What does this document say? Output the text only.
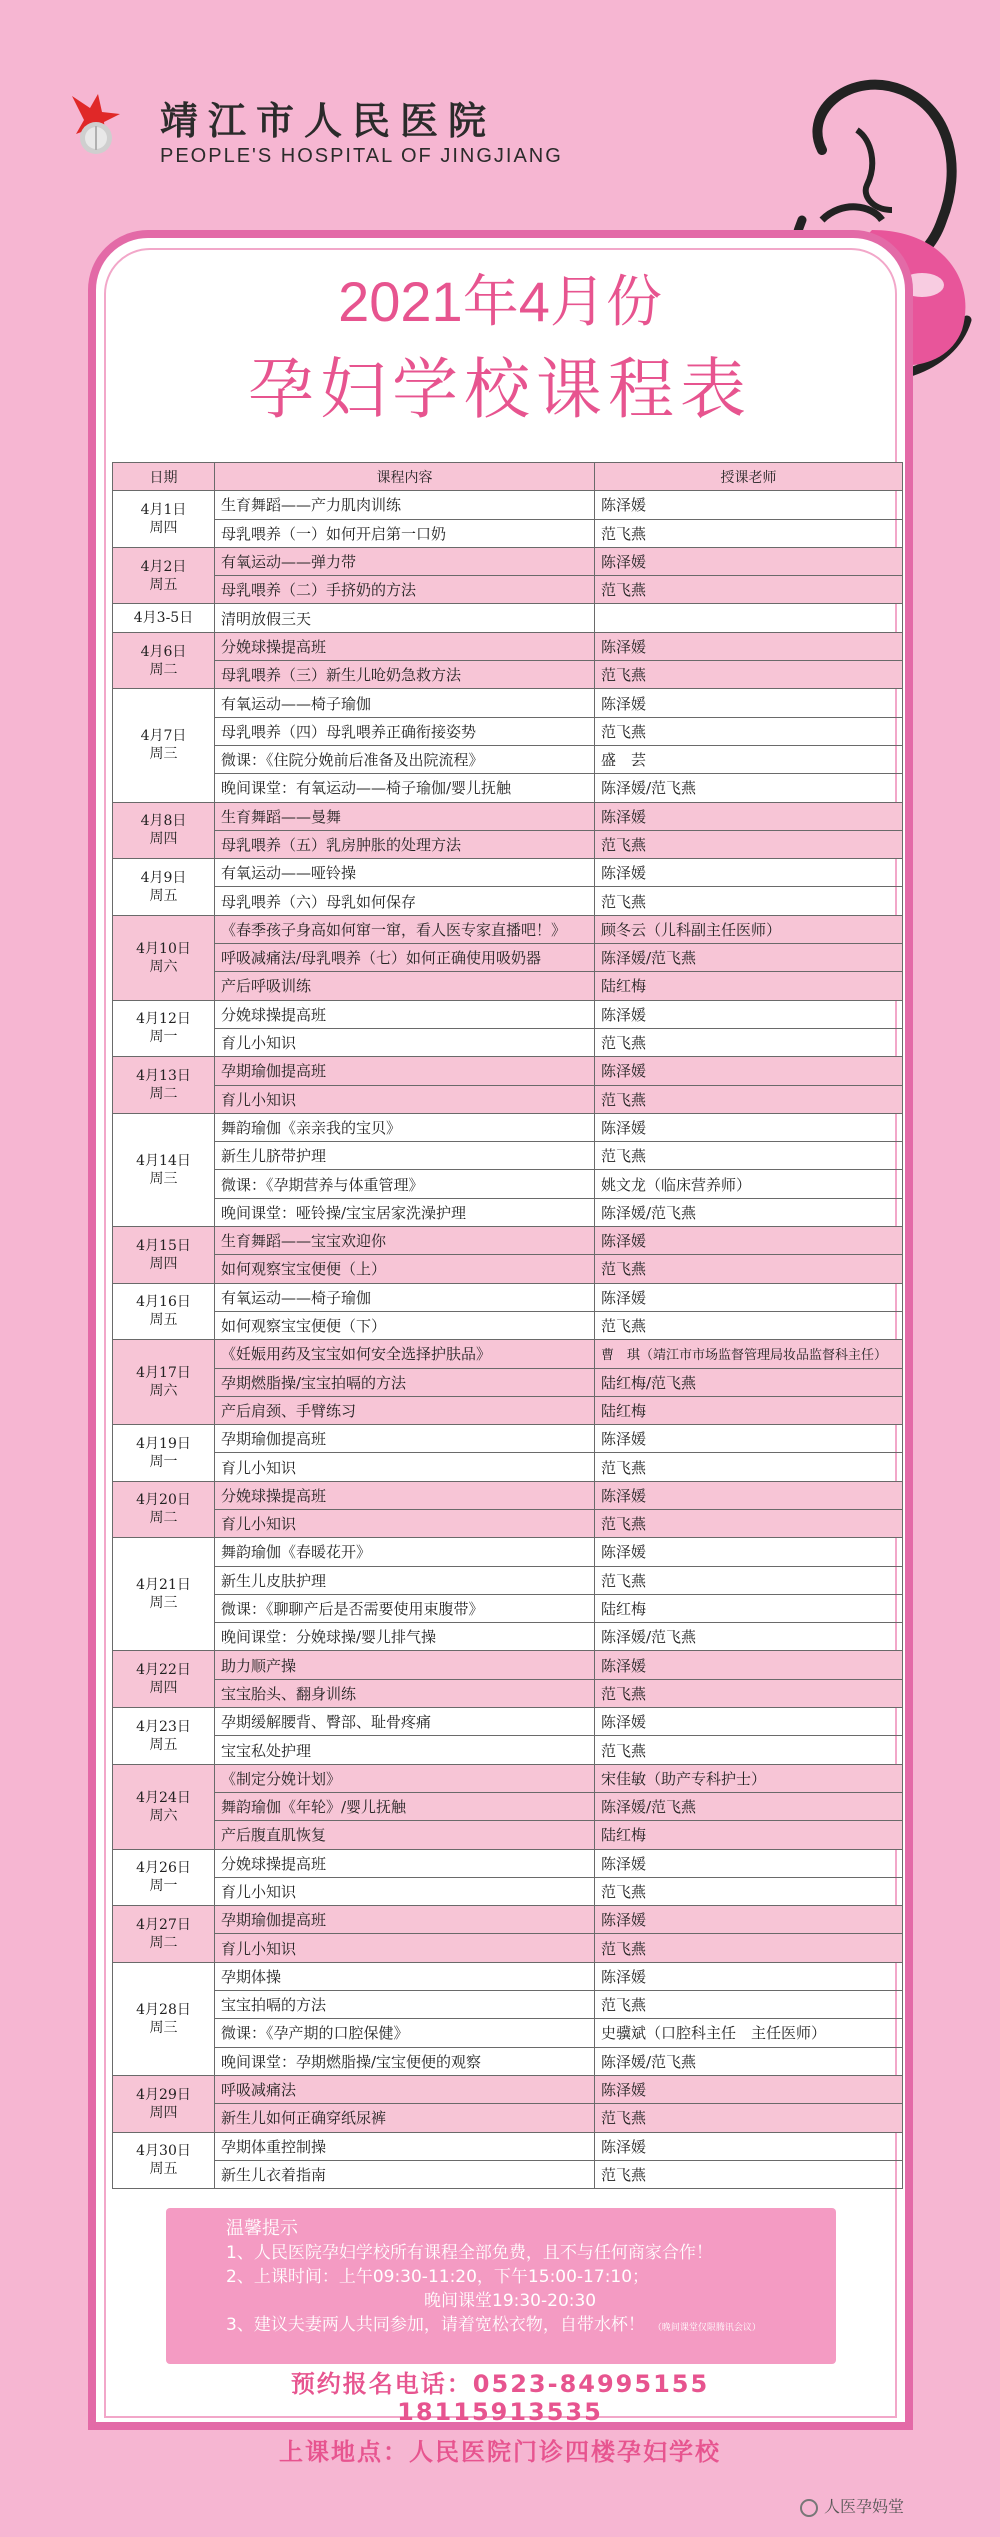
靖江市人民医院
PEOPLE'S HOSPITAL OF JINGJIANG
2021年4月份
孕妇学校课程表
日期	课程内容	授课老师
4月1日
周四	生育舞蹈——产力肌肉训练	陈泽媛
	母乳喂养（一）如何开启第一口奶	范飞燕
4月2日
周五	有氧运动——弹力带	陈泽媛
	母乳喂养（二）手挤奶的方法	范飞燕
4月3-5日	清明放假三天	
4月6日
周二	分娩球操提高班	陈泽媛
	母乳喂养（三）新生儿呛奶急救方法	范飞燕
4月7日
周三	有氧运动——椅子瑜伽	陈泽媛
	母乳喂养（四）母乳喂养正确衔接姿势	范飞燕
	微课：《住院分娩前后准备及出院流程》	盛　芸
	晚间课堂：有氧运动——椅子瑜伽/婴儿抚触	陈泽媛/范飞燕
4月8日
周四	生育舞蹈——曼舞	陈泽媛
	母乳喂养（五）乳房肿胀的处理方法	范飞燕
4月9日
周五	有氧运动——哑铃操	陈泽媛
	母乳喂养（六）母乳如何保存	范飞燕
4月10日
周六	《春季孩子身高如何窜一窜，看人医专家直播吧！》	顾冬云（儿科副主任医师）
	呼吸减痛法/母乳喂养（七）如何正确使用吸奶器	陈泽媛/范飞燕
	产后呼吸训练	陆红梅
4月12日
周一	分娩球操提高班	陈泽媛
	育儿小知识	范飞燕
4月13日
周二	孕期瑜伽提高班	陈泽媛
	育儿小知识	范飞燕
4月14日
周三	舞韵瑜伽《亲亲我的宝贝》	陈泽媛
	新生儿脐带护理	范飞燕
	微课：《孕期营养与体重管理》	姚文龙（临床营养师）
	晚间课堂：哑铃操/宝宝居家洗澡护理	陈泽媛/范飞燕
4月15日
周四	生育舞蹈——宝宝欢迎你	陈泽媛
	如何观察宝宝便便（上）	范飞燕
4月16日
周五	有氧运动——椅子瑜伽	陈泽媛
	如何观察宝宝便便（下）	范飞燕
4月17日
周六	《妊娠用药及宝宝如何安全选择护肤品》	曹　琪（靖江市市场监督管理局妆品监督科主任）
	孕期燃脂操/宝宝拍嗝的方法	陆红梅/范飞燕
	产后肩颈、手臂练习	陆红梅
4月19日
周一	孕期瑜伽提高班	陈泽媛
	育儿小知识	范飞燕
4月20日
周二	分娩球操提高班	陈泽媛
	育儿小知识	范飞燕
4月21日
周三	舞韵瑜伽《春暖花开》	陈泽媛
	新生儿皮肤护理	范飞燕
	微课：《聊聊产后是否需要使用束腹带》	陆红梅
	晚间课堂：分娩球操/婴儿排气操	陈泽媛/范飞燕
4月22日
周四	助力顺产操	陈泽媛
	宝宝胎头、翻身训练	范飞燕
4月23日
周五	孕期缓解腰背、臀部、耻骨疼痛	陈泽媛
	宝宝私处护理	范飞燕
4月24日
周六	《制定分娩计划》	宋佳敏（助产专科护士）
	舞韵瑜伽《年轮》/婴儿抚触	陈泽媛/范飞燕
	产后腹直肌恢复	陆红梅
4月26日
周一	分娩球操提高班	陈泽媛
	育儿小知识	范飞燕
4月27日
周二	孕期瑜伽提高班	陈泽媛
	育儿小知识	范飞燕
4月28日
周三	孕期体操	陈泽媛
	宝宝拍嗝的方法	范飞燕
	微课：《孕产期的口腔保健》	史骥斌（口腔科主任　主任医师）
	晚间课堂：孕期燃脂操/宝宝便便的观察	陈泽媛/范飞燕
4月29日
周四	呼吸减痛法	陈泽媛
	新生儿如何正确穿纸尿裤	范飞燕
4月30日
周五	孕期体重控制操	陈泽媛
	新生儿衣着指南	范飞燕
温馨提示
1、人民医院孕妇学校所有课程全部免费，且不与任何商家合作！
2、上课时间：上午09:30-11:20，下午15:00-17:10；
晚间课堂19:30-20:30
3、建议夫妻两人共同参加，请着宽松衣物，自带水杯！ （晚间课堂仅限腾讯会议）
预约报名电话：0523-84995155
18115913535
上课地点：人民医院门诊四楼孕妇学校
人医孕妈堂
